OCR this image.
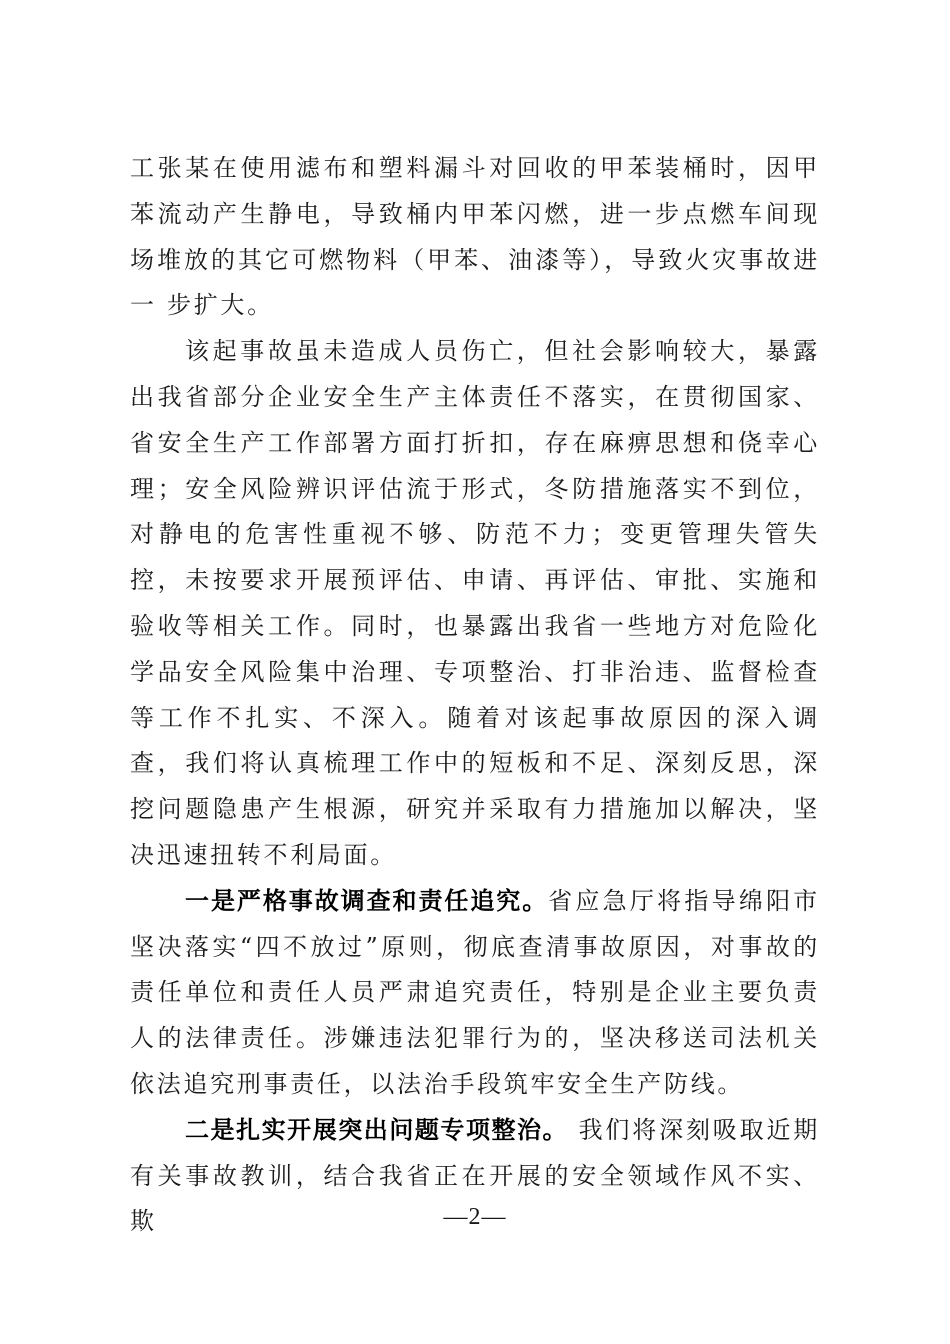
工张某在使用滤布和塑料漏斗对回收的甲苯装桶时，因甲苯流动产生静电，导致桶内甲苯闪燃，进一步点燃车间现场堆放的其它可燃物料（甲苯、油漆等），导致火灾事故进 一 步扩大。

该起事故虽未造成人员伤亡，但社会影响较大，暴露出我省部分企业安全生产主体责任不落实，在贯彻国家、省安全生产工作部署方面打折扣，存在麻痹思想和侥幸心理；安全风险辨识评估流于形式，冬防措施落实不到位，对静电的危害性重视不够、防范不力；变更管理失管失控，未按要求开展预评估、申请、再评估、审批、实施和验收等相关工作。同时，也暴露出我省一些地方对危险化学品安全风险集中治理、专项整治、打非治违、监督检查等工作不扎实、不深入。随着对该起事故原因的深入调查，我们将认真梳理工作中的短板和不足、深刻反思，深挖问题隐患产生根源，研究并采取有力措施加以解决，坚决迅速扭转不利局面。

一是严格事故调查和责任追究。省应急厅将指导绵阳市坚决落实“四不放过”原则，彻底查清事故原因，对事故的责任单位和责任人员严肃追究责任，特别是企业主要负责人的法律责任。涉嫌违法犯罪行为的，坚决移送司法机关依法追究刑事责任，以法治手段筑牢安全生产防线。

二是扎实开展突出问题专项整治。 我们将深刻吸取近期有关事故教训，结合我省正在开展的安全领域作风不实、欺	—2—
